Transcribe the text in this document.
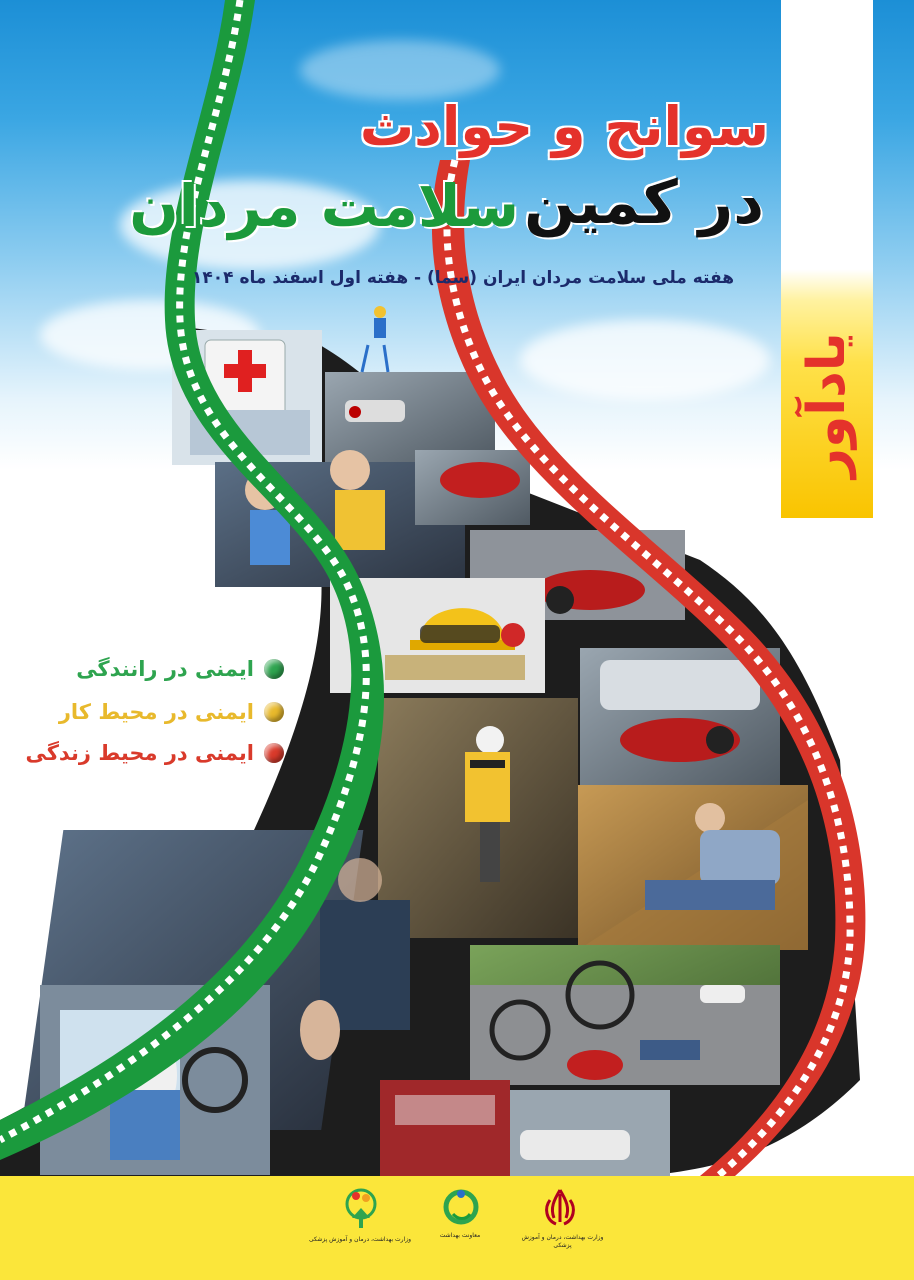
سوانح و حوادث
در کمین
سلامت مردان
هفته ملی سلامت مردان ایران (سما) - هفته اول اسفند ماه ۱۴۰۴
یادآور
ایمنی در رانندگی
ایمنی در محیط کار
ایمنی در محیط زندگی
وزارت بهداشت، درمان و آموزش پزشکی
معاونت بهداشت	وزارت بهداشت، درمان و آموزش پزشکی
